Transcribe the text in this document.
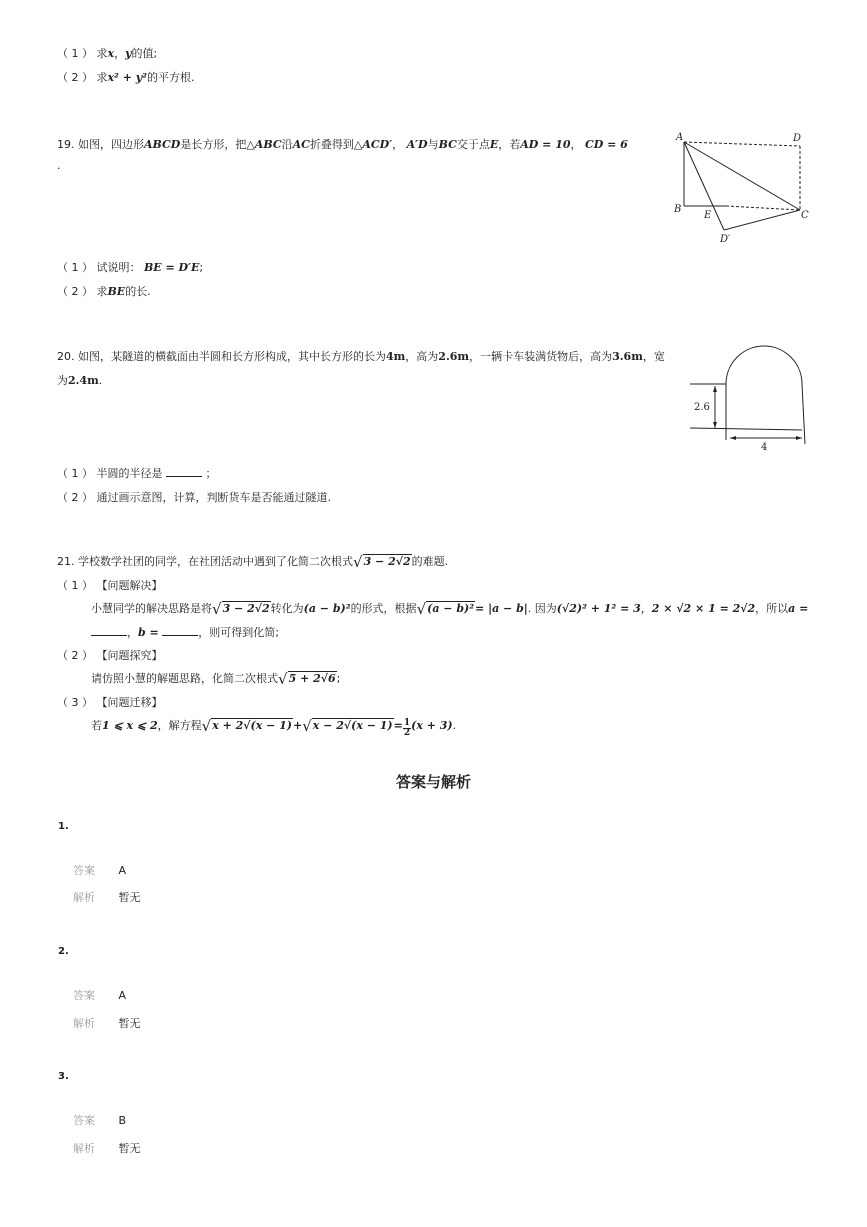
（ 1 ） 求x，y的值;
（ 2 ） 求x² + y²的平方根.
19. 如图，四边形ABCD是长方形，把△ABC沿AC折叠得到△ACD′， A′D与BC交于点E，若AD = 10， CD = 6
.
A	D
B
E	C
D′
（ 1 ） 试说明： BE = D′E;
（ 2 ） 求BE的长.
20. 如图，某隧道的横截面由半圆和长方形构成，其中长方形的长为4m，高为2.6m，一辆卡车装满货物后，高为3.6m，宽
为2.4m.
2.6
4
（ 1 ） 半圆的半径是	；
（ 2 ） 通过画示意图，计算，判断货车是否能通过隧道.
21. 学校数学社团的同学，在社团活动中遇到了化简二次根式√3 − 2√2的难题.
（ 1 ） 【问题解决】
小慧同学的解决思路是将√3 − 2√2转化为(a − b)²的形式，根据√(a − b)²= |a − b|. 因为(√2)² + 1² = 3，2 × √2 × 1 = 2√2，所以a =
，b =	，则可得到化简;
（ 2 ） 【问题探究】
请仿照小慧的解题思路，化简二次根式√5 + 2√6;
（ 3 ） 【问题迁移】
若1 ⩽ x ⩽ 2，解方程$√x + 2√(x - 1)+√x - 2√(x - 1)= \frac{1}{2} (x + 3)$.
答案与解析
1.
答案 A
解析 暂无
2.
答案 A
解析 暂无
3.
答案 B
解析 暂无
